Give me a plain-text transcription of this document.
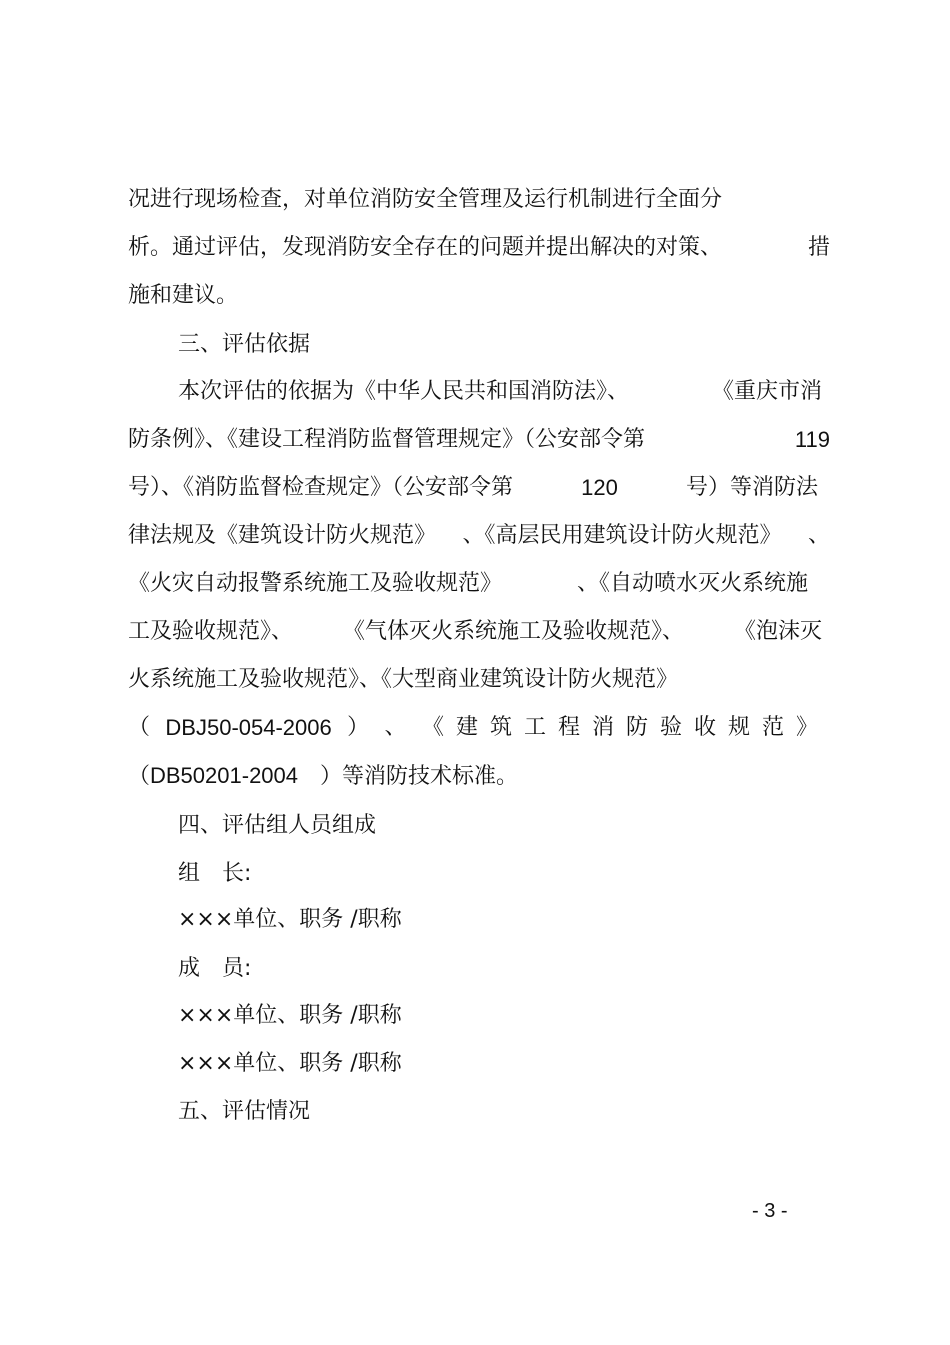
况进行现场检查，对单位消防安全管理及运行机制进行全面分

析。通过评估，发现消防安全存在的问题并提出解决的对策、	措

施和建议。

三、评估依据

本次评估的依据为《中华人民共和国消防法》、	《重庆市消
防条例》、《建设工程消防监督管理规定》（公安部令第	119
号）、《消防监督检查规定》（公安部令第	120	号）等消防法
律法规及《建筑设计防火规范》 、《高层民用建筑设计防火规范》 、
《火灾自动报警系统施工及验收规范》	、《自动喷水灭火系统施
工及验收规范》、 《气体灭火系统施工及验收规范》、 《泡沫灭

火系统施工及验收规范》、《大型商业建筑设计防火规范》

（ DBJ50-054-2006 ） 、 《建筑工程消防验收规范》

（DB50201-2004 ）等消防技术标准。

四、评估组人员组成

组　长:

×××单位、职务 /职称

成　员:

×××单位、职务 /职称

×××单位、职务 /职称

五、评估情况

- 3 -
